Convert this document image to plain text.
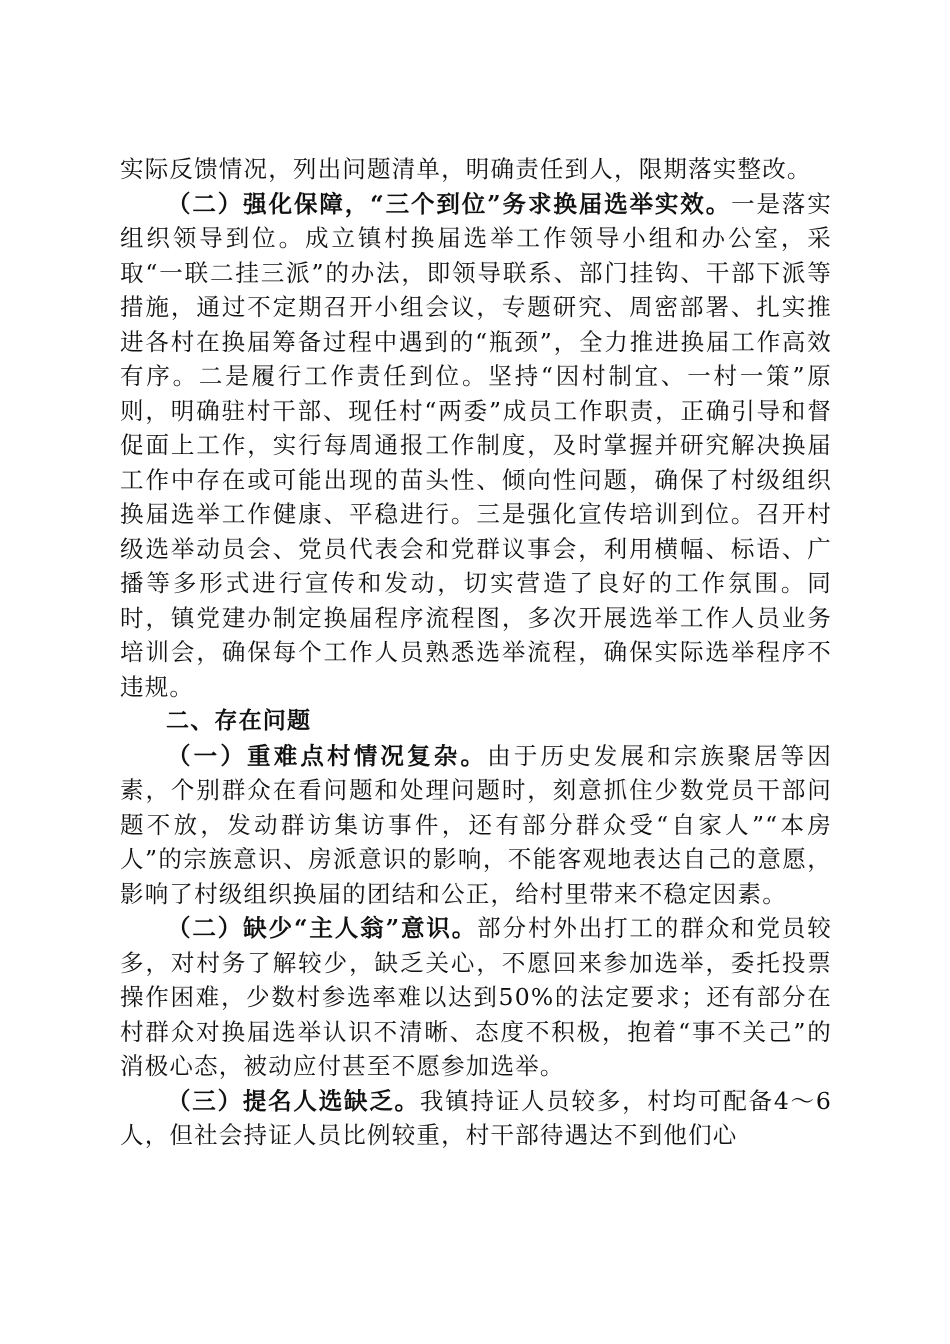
实际反馈情况，列出问题清单，明确责任到人，限期落实整改。

（二）强化保障，“三个到位”务求换届选举实效。一是落实组织领导到位。成立镇村换届选举工作领导小组和办公室，采取“一联二挂三派”的办法，即领导联系、部门挂钩、干部下派等措施，通过不定期召开小组会议，专题研究、周密部署、扎实推进各村在换届筹备过程中遇到的“瓶颈”，全力推进换届工作高效有序。二是履行工作责任到位。坚持“因村制宜、一村一策”原则，明确驻村干部、现任村“两委”成员工作职责，正确引导和督促面上工作，实行每周通报工作制度，及时掌握并研究解决换届工作中存在或可能出现的苗头性、倾向性问题，确保了村级组织换届选举工作健康、平稳进行。三是强化宣传培训到位。召开村级选举动员会、党员代表会和党群议事会，利用横幅、标语、广播等多形式进行宣传和发动，切实营造了良好的工作氛围。同时，镇党建办制定换届程序流程图，多次开展选举工作人员业务培训会，确保每个工作人员熟悉选举流程，确保实际选举程序不违规。

二、存在问题

（一）重难点村情况复杂。由于历史发展和宗族聚居等因素，个别群众在看问题和处理问题时，刻意抓住少数党员干部问题不放，发动群访集访事件，还有部分群众受“自家人”“本房人”的宗族意识、房派意识的影响，不能客观地表达自己的意愿，影响了村级组织换届的团结和公正，给村里带来不稳定因素。

（二）缺少“主人翁”意识。部分村外出打工的群众和党员较多，对村务了解较少，缺乏关心，不愿回来参加选举，委托投票操作困难，少数村参选率难以达到50%的法定要求；还有部分在村群众对换届选举认识不清晰、态度不积极，抱着“事不关己”的消极心态，被动应付甚至不愿参加选举。

（三）提名人选缺乏。我镇持证人员较多，村均可配备4～6人，但社会持证人员比例较重，村干部待遇达不到他们心
